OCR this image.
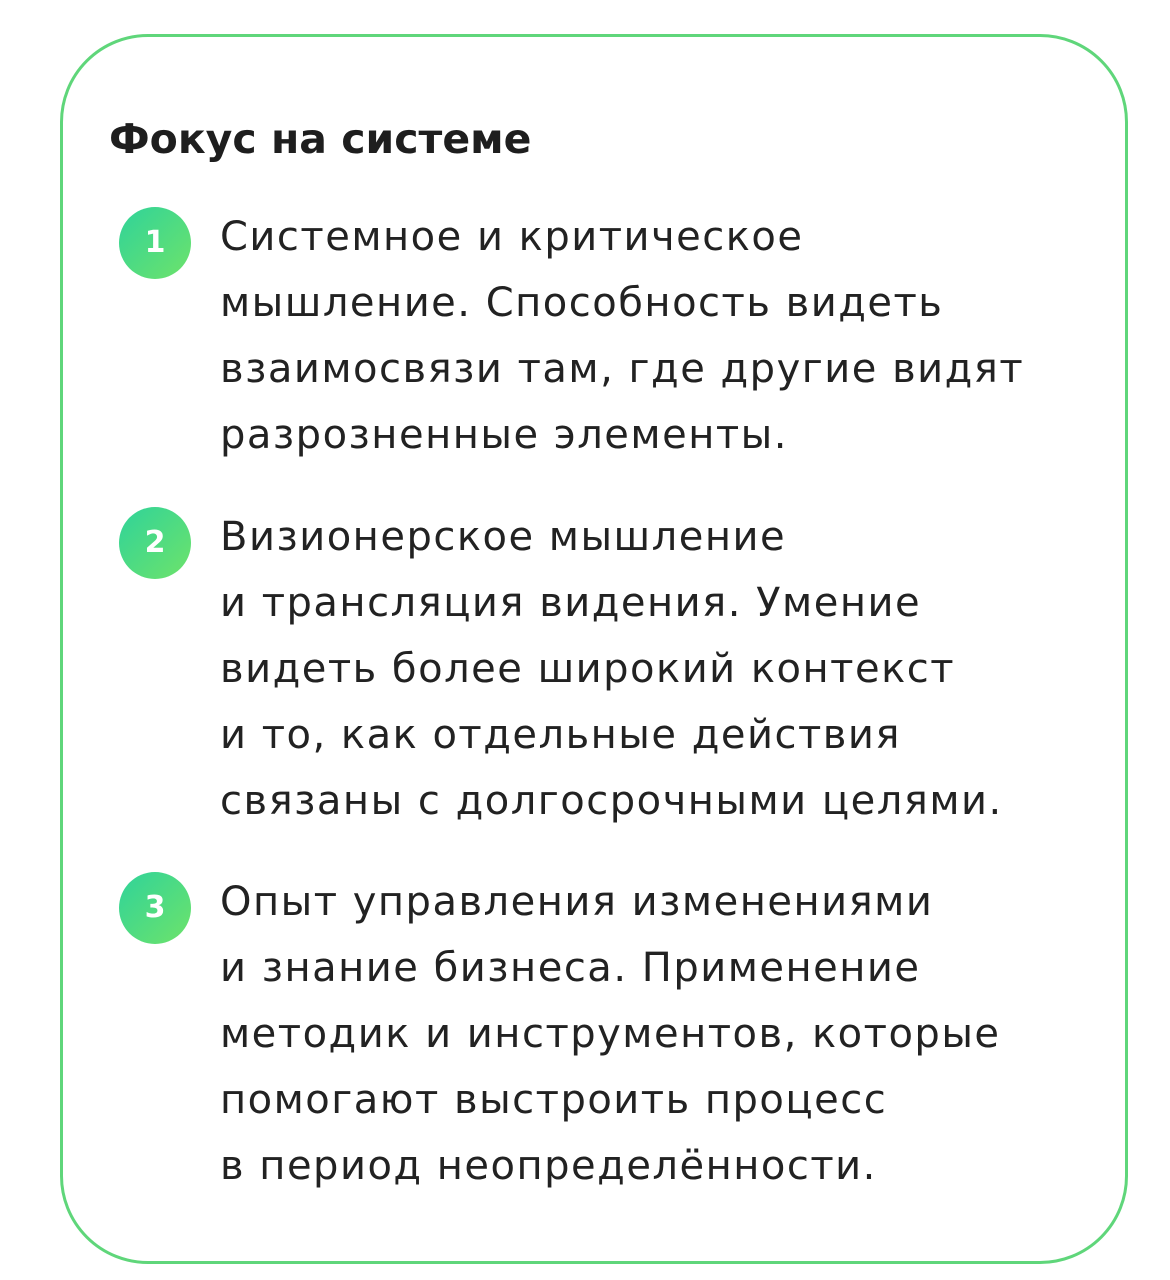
Фокус на системе
1 Системное и критическое
мышление. Способность видеть
взаимосвязи там, где другие видят
разрозненные элементы.
2 Визионерское мышление
и трансляция видения. Умение
видеть более широкий контекст
и то, как отдельные действия
связаны с долгосрочными целями.
3 Опыт управления изменениями
и знание бизнеса. Применение
методик и инструментов, которые
помогают выстроить процесс
в период неопределённости.
